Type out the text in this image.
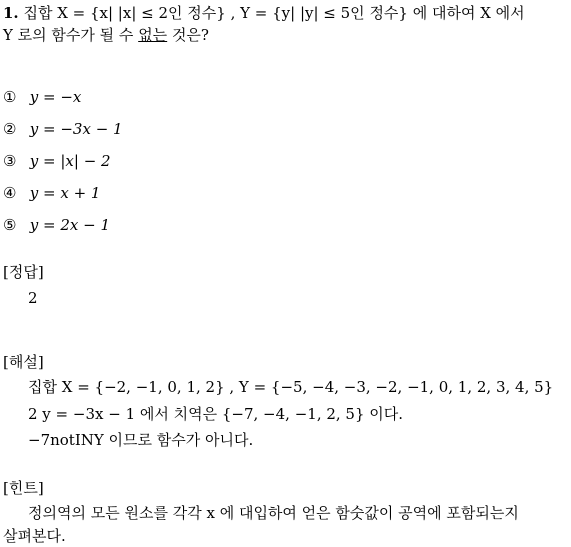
1. 집합 X = {x| |x| ≤ 2인 정수} , Y = {y| |y| ≤ 5인 정수} 에 대하여 X 에서
Y 로의 함수가 될 수 없는 것은?
① y = −x
② y = −3x − 1
③ y = |x| − 2
④ y = x + 1
⑤ y = 2x − 1
[정답]
2
[해설]
집합 X = {−2, −1, 0, 1, 2} , Y = {−5, −4, −3, −2, −1, 0, 1, 2, 3, 4, 5}
2 y = −3x − 1 에서 치역은 {−7, −4, −1, 2, 5} 이다.
−7notINY 이므로 함수가 아니다.
[힌트]
정의역의 모든 원소를 각각 x 에 대입하여 얻은 함숫값이 공역에 포함되는지
살펴본다.
